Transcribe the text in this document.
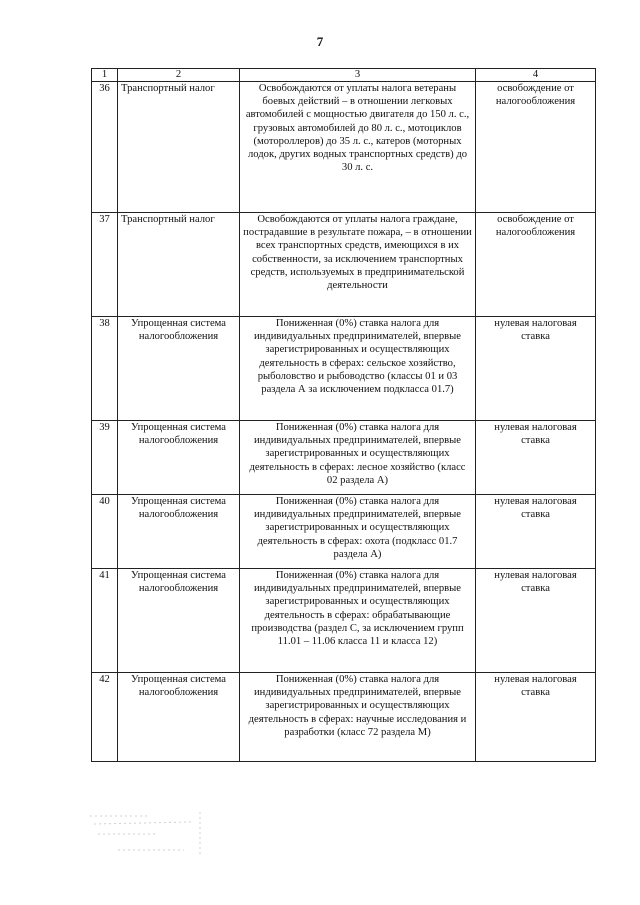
7
1	2	3	4
36	Транспортный налог	Освобождаются от уплаты налога ветераны боевых действий – в отношении легковых автомобилей с мощностью двигателя до 150 л. с., грузовых автомобилей до 80 л. с., мотоциклов (мотороллеров) до 35 л. с., катеров (моторных лодок, других водных транспортных средств) до 30 л. с.	освобождение от налогообложения
37	Транспортный налог	Освобождаются от уплаты налога граждане, пострадавшие в результате пожара, – в отношении всех транспортных средств, имеющихся в их собственности, за исключением транспортных средств, используемых в предпринимательской деятельности	освобождение от налогообложения
38	Упрощенная система налогообложения	Пониженная (0%) ставка налога для индивидуальных предпринимателей, впервые зарегистрированных и осуществляющих деятельность в сферах: сельское хозяйство, рыболовство и рыбоводство (классы 01 и 03 раздела А за исключением подкласса 01.7)	нулевая налоговая ставка
39	Упрощенная система налогообложения	Пониженная (0%) ставка налога для индивидуальных предпринимателей, впервые зарегистрированных и осуществляющих деятельность в сферах: лесное хозяйство (класс 02 раздела А)	нулевая налоговая ставка
40	Упрощенная система налогообложения	Пониженная (0%) ставка налога для индивидуальных предпринимателей, впервые зарегистрированных и осуществляющих деятельность в сферах: охота (подкласс 01.7 раздела А)	нулевая налоговая ставка
41	Упрощенная система налогообложения	Пониженная (0%) ставка налога для индивидуальных предпринимателей, впервые зарегистрированных и осуществляющих деятельность в сферах: обрабатывающие производства (раздел С, за исключением групп 11.01 – 11.06 класса 11 и класса 12)	нулевая налоговая ставка
42	Упрощенная система налогообложения	Пониженная (0%) ставка налога для индивидуальных предпринимателей, впервые зарегистрированных и осуществляющих деятельность в сферах: научные исследования и разработки (класс 72 раздела М)	нулевая налоговая ставка
